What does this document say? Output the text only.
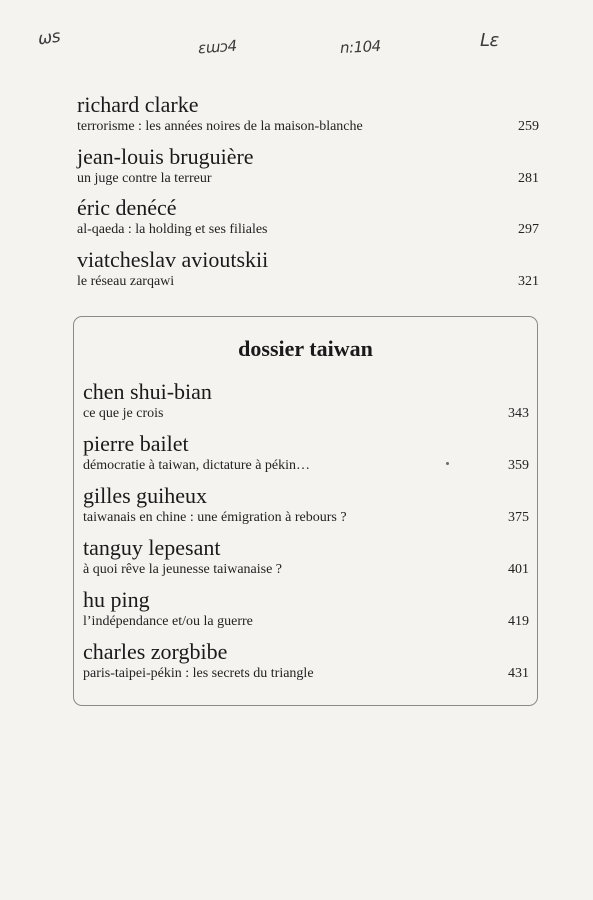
ωs	ɛɯɔ4	n:104	Lɛ
richard clarke
terrorisme : les années noires de la maison-blanche	259
jean-louis bruguière
un juge contre la terreur	281
éric denécé
al-qaeda : la holding et ses filiales	297
viatcheslav avioutskii
le réseau zarqawi	321
dossier taiwan
chen shui-bian
ce que je crois	343
pierre bailet
démocratie à taiwan, dictature à pékin…	359
gilles guiheux
taiwanais en chine : une émigration à rebours ?	375
tanguy lepesant
à quoi rêve la jeunesse taiwanaise ?	401
hu ping
l’indépendance et/ou la guerre	419
charles zorgbibe
paris-taipei-pékin : les secrets du triangle	431
